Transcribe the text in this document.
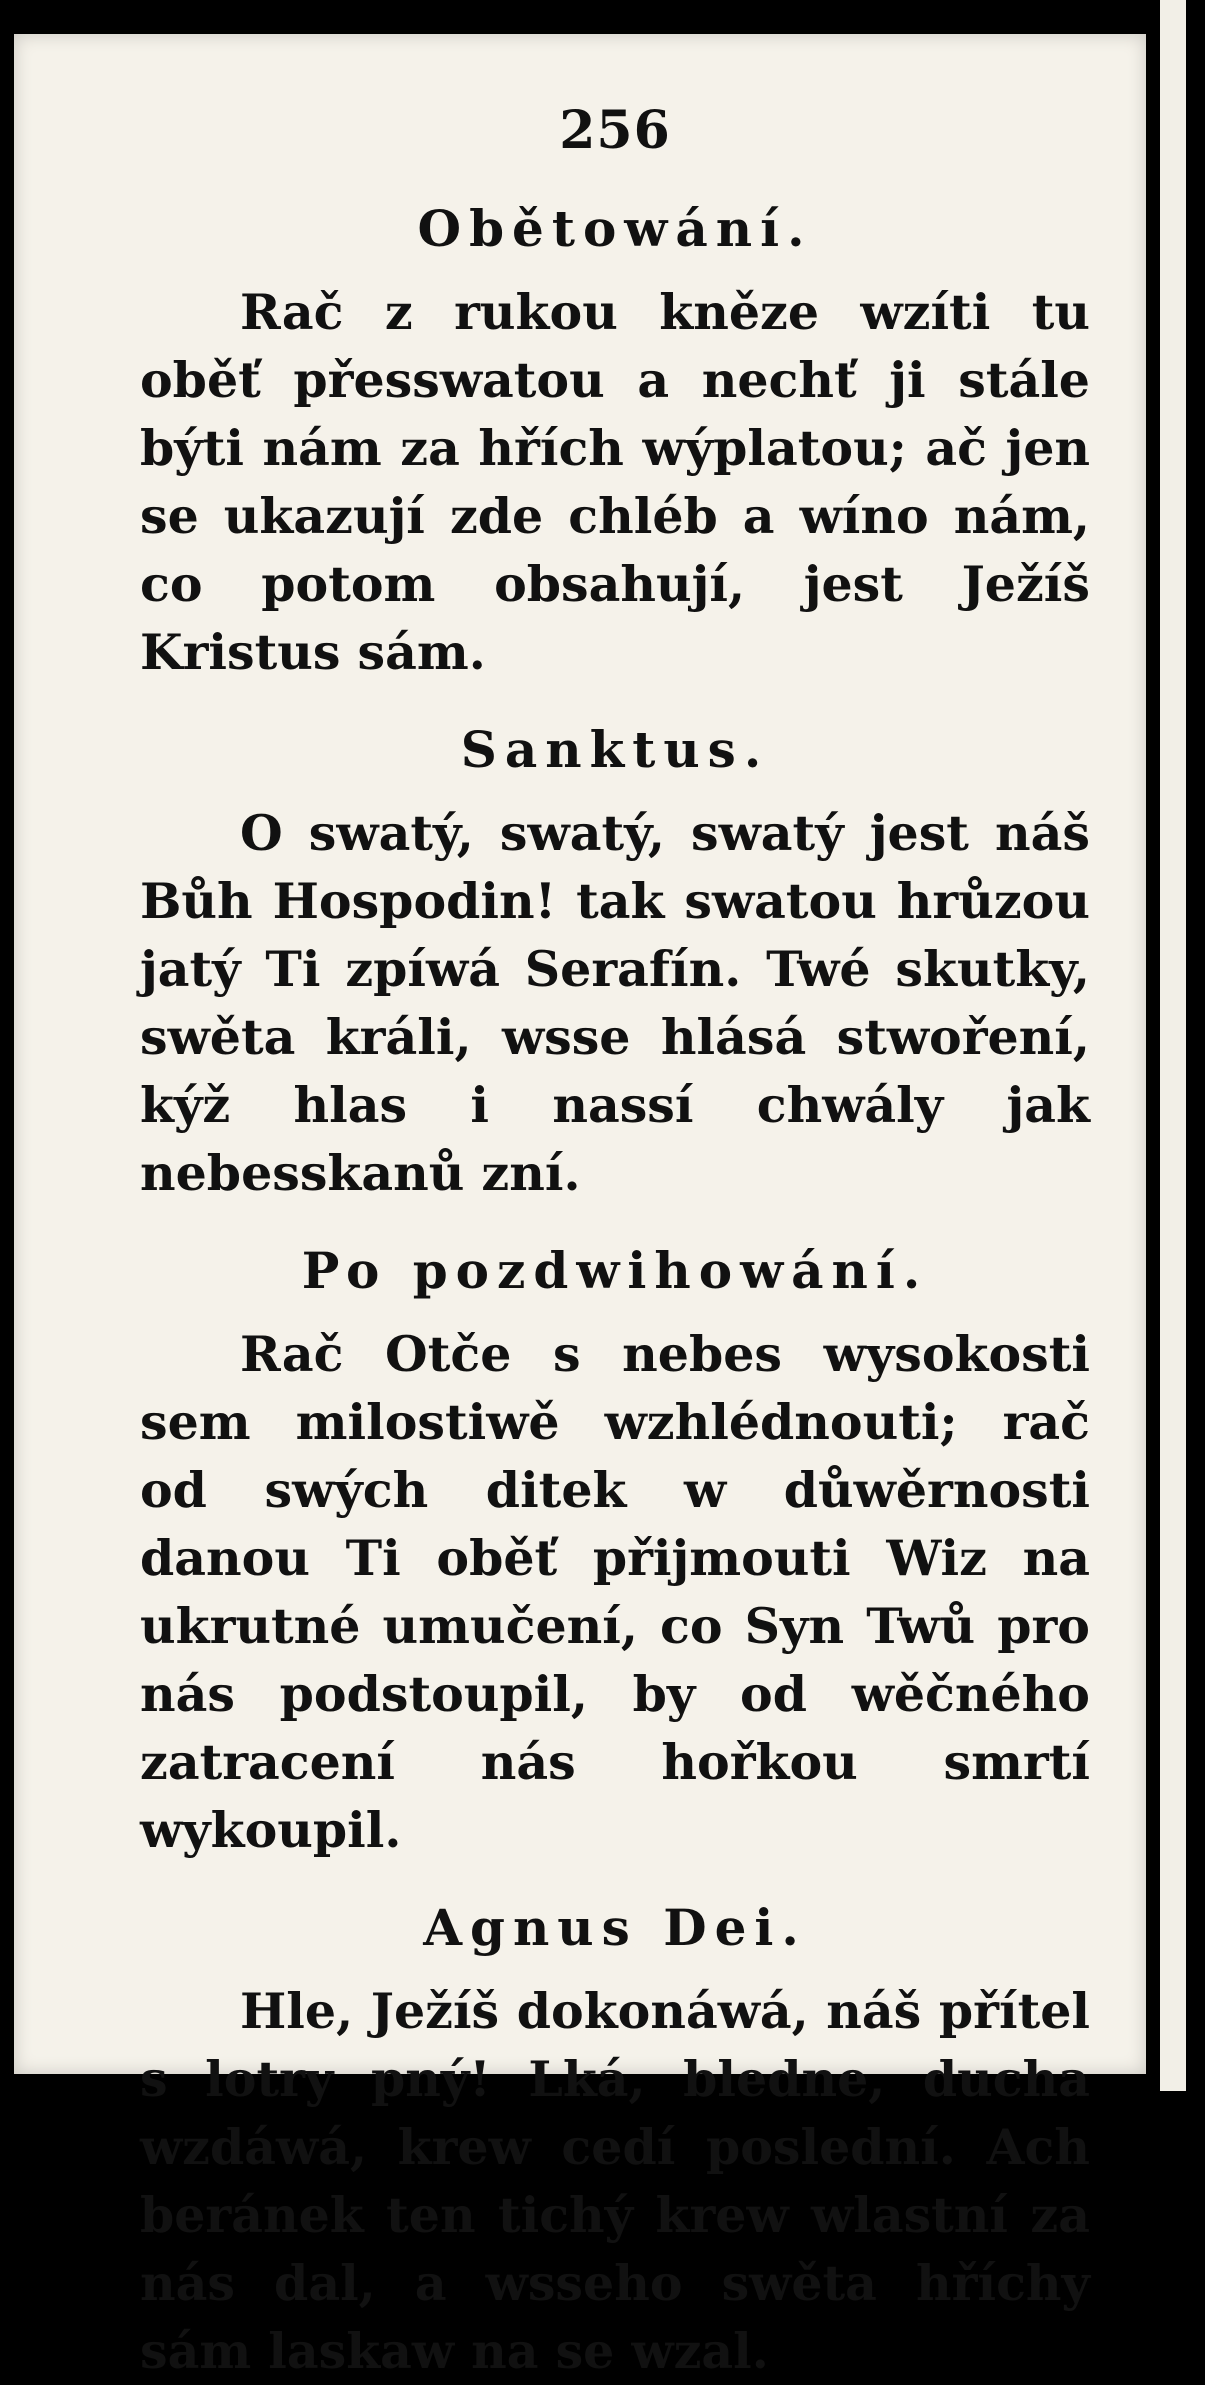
256
Obětowání.

Rač z rukou kněze wzíti tu oběť přesswatou a nechť ji stále býti nám za hřích wýplatou; ač jen se ukazují zde chléb a wíno nám, co potom obsahují, jest Ježíš Kristus sám.

Sanktus.

O swatý, swatý, swatý jest náš Bůh Hospodin! tak swatou hrůzou jatý Ti zpíwá Serafín. Twé skutky, swěta králi, wsse hlásá stwoření, kýž hlas i nassí chwály jak nebesskanů zní.

Po pozdwihowání.

Rač Otče s nebes wysokosti sem milostiwě wzhlédnouti; rač od swých ditek w důwěrnosti danou Ti oběť přijmouti Wiz na ukrutné umučení, co Syn Twů pro nás podstoupil, by od wěčného zatracení nás hořkou smrtí wykoupil.

Agnus Dei.

Hle, Ježíš dokonáwá, náš přítel s lotry pný! Lká, bledne, ducha wzdáwá, krew cedí poslední. Ach beránek ten tichý krew wlastní za nás dal, a wsseho swěta hříchy sám laskaw na se wzal.
